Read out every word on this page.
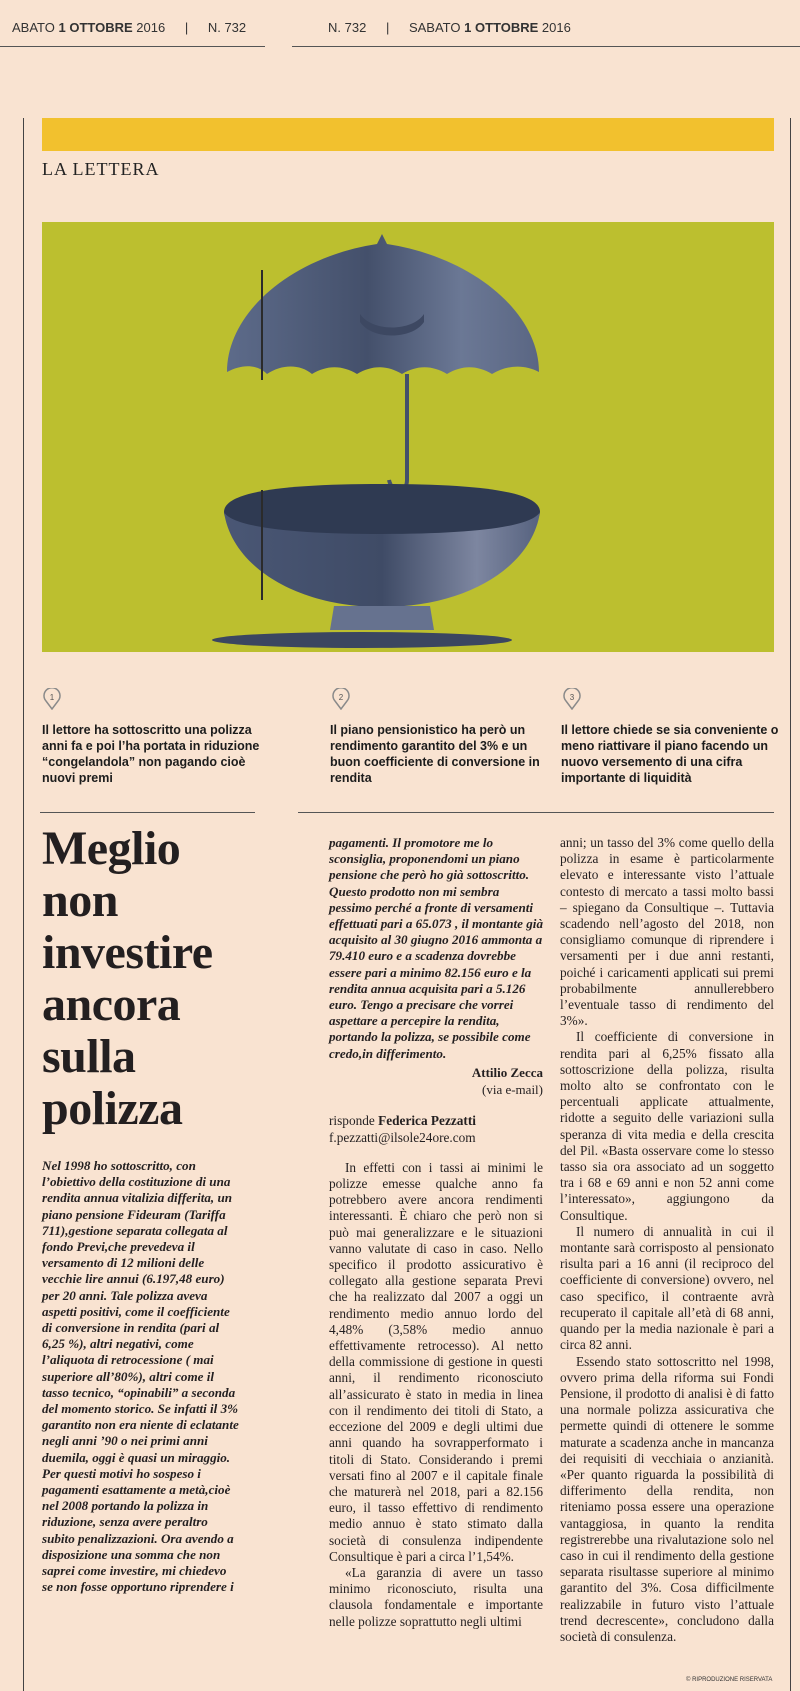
ABATO 1 OTTOBRE 2016 | N. 732	N. 732 | SABATO 1 OTTOBRE 2016
LA LETTERA
1
Il lettore ha sottoscritto una polizza anni fa e poi l’ha portata in riduzione “congelandola” non pagando cioè nuovi premi
2
Il piano pensionistico ha però un rendimento garantito del 3% e un buon coefficiente di conversione in rendita
3
Il lettore chiede se sia conveniente o meno riattivare il piano facendo un nuovo versemento di una cifra importante di liquidità
Meglio
non
investire
ancora
sulla
polizza
Nel 1998 ho sottoscritto, con l’obiettivo della costituzione di una rendita annua vitalizia differita, un piano pensione Fideuram (Tariffa 711),gestione separata collegata al fondo Previ,che prevedeva il versamento di 12 milioni delle vecchie lire annui (6.197,48 euro) per 20 anni. Tale polizza aveva aspetti positivi, come il coefficiente di conversione in rendita (pari al 6,25 %), altri negativi, come l’aliquota di retrocessione ( mai superiore all’80%), altri come il tasso tecnico, “opinabili” a seconda del momento storico. Se infatti il 3% garantito non era niente di eclatante negli anni ’90 o nei primi anni duemila, oggi è quasi un miraggio. Per questi motivi ho sospeso i pagamenti esattamente a metà,cioè nel 2008 portando la polizza in riduzione, senza avere peraltro subito penalizzazioni. Ora avendo a disposizione una somma che non saprei come investire, mi chiedevo se non fosse opportuno riprendere i
pagamenti. Il promotore me lo sconsiglia, proponendomi un piano pensione che però ho già sottoscritto. Questo prodotto non mi sembra pessimo perché a fronte di versamenti effettuati pari a 65.073 , il montante già acquisito al 30 giugno 2016 ammonta a 79.410 euro e a scadenza dovrebbe essere pari a minimo 82.156 euro e la rendita annua acquisita pari a 5.126 euro. Tengo a precisare che vorrei aspettare a percepire la rendita, portando la polizza, se possibile come credo,in differimento.
Attilio Zecca
(via e-mail)
risponde Federica Pezzatti
f.pezzatti@ilsole24ore.com

In effetti con i tassi ai minimi le polizze emesse qualche anno fa potrebbero avere ancora rendimenti interessanti. È chiaro che però non si può mai generalizzare e le situazioni vanno valutate di caso in caso. Nello specifico il prodotto assicurativo è collegato alla gestione separata Previ che ha realizzato dal 2007 a oggi un rendimento medio annuo lordo del 4,48% (3,58% medio annuo effettivamente retrocesso). Al netto della commissione di gestione in questi anni, il rendimento riconosciuto all’assicurato è stato in media in linea con il rendimento dei titoli di Stato, a eccezione del 2009 e degli ultimi due anni quando ha sovrapperformato i titoli di Stato. Considerando i premi versati fino al 2007 e il capitale finale che maturerà nel 2018, pari a 82.156 euro, il tasso effettivo di rendimento medio annuo è stato stimato dalla società di consulenza indipendente Consultique è pari a circa l’1,54%.

«La garanzia di avere un tasso minimo riconosciuto, risulta una clausola fondamentale e importante nelle polizze soprattutto negli ultimi

anni; un tasso del 3% come quello della polizza in esame è particolarmente elevato e interessante visto l’attuale contesto di mercato a tassi molto bassi – spiegano da Consultique –. Tuttavia scadendo nell’agosto del 2018, non consigliamo comunque di riprendere i versamenti per i due anni restanti, poiché i caricamenti applicati sui premi probabilmente annullerebbero l’eventuale tasso di rendimento del 3%».

Il coefficiente di conversione in rendita pari al 6,25% fissato alla sottoscrizione della polizza, risulta molto alto se confrontato con le percentuali applicate attualmente, ridotte a seguito delle variazioni sulla speranza di vita media e della crescita del Pil. «Basta osservare come lo stesso tasso sia ora associato ad un soggetto tra i 68 e 69 anni e non 52 anni come l’interessato», aggiungono da Consultique.

Il numero di annualità in cui il montante sarà corrisposto al pensionato risulta pari a 16 anni (il reciproco del coefficiente di conversione) ovvero, nel caso specifico, il contraente avrà recuperato il capitale all’età di 68 anni, quando per la media nazionale è pari a circa 82 anni.

Essendo stato sottoscritto nel 1998, ovvero prima della riforma sui Fondi Pensione, il prodotto di analisi è di fatto una normale polizza assicurativa che permette quindi di ottenere le somme maturate a scadenza anche in mancanza dei requisiti di vecchiaia o anzianità. «Per quanto riguarda la possibilità di differimento della rendita, non riteniamo possa essere una operazione vantaggiosa, in quanto la rendita registrerebbe una rivalutazione solo nel caso in cui il rendimento della gestione separata risultasse superiore al minimo garantito del 3%. Cosa difficilmente realizzabile in futuro visto l’attuale trend decrescente», concludono dalla società di consulenza.

© RIPRODUZIONE RISERVATA
